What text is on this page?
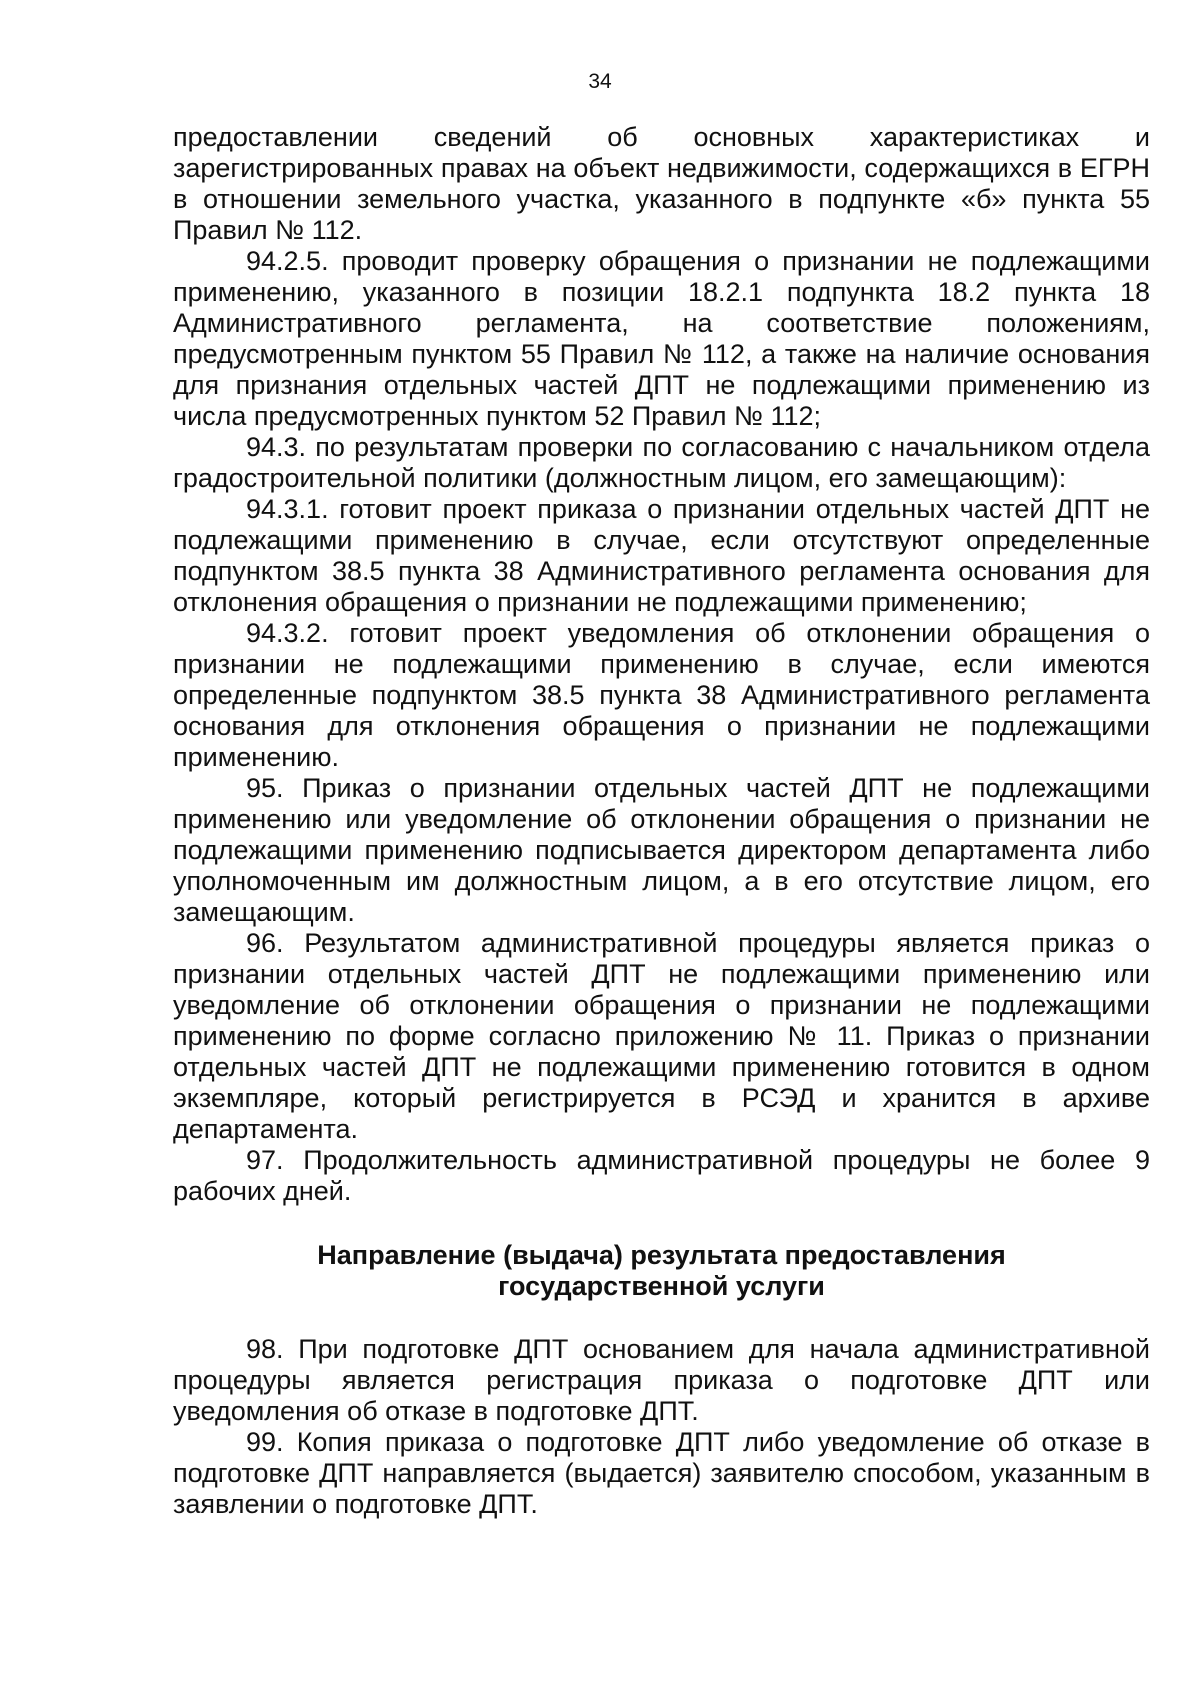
34

предоставлении сведений об основных характеристиках и зарегистрированных правах на объект недвижимости, содержащихся в ЕГРН в отношении земельного участка, указанного в подпункте «б» пункта 55 Правил № 112.

94.2.5. проводит проверку обращения о признании не подлежащими применению, указанного в позиции 18.2.1 подпункта 18.2 пункта 18 Административного регламента, на соответствие положениям, предусмотренным пунктом 55 Правил № 112, а также на наличие основания для признания отдельных частей ДПТ не подлежащими применению из числа предусмотренных пунктом 52 Правил № 112;

94.3. по результатам проверки по согласованию с начальником отдела градостроительной политики (должностным лицом, его замещающим):

94.3.1. готовит проект приказа о признании отдельных частей ДПТ не подлежащими применению в случае, если отсутствуют определенные подпунктом 38.5 пункта 38 Административного регламента основания для отклонения обращения о признании не подлежащими применению;

94.3.2. готовит проект уведомления об отклонении обращения о признании не подлежащими применению в случае, если имеются определенные подпунктом 38.5 пункта 38 Административного регламента основания для отклонения обращения о признании не подлежащими применению.

95. Приказ о признании отдельных частей ДПТ не подлежащими применению или уведомление об отклонении обращения о признании не подлежащими применению подписывается директором департамента либо уполномоченным им должностным лицом, а в его отсутствие лицом, его замещающим.

96. Результатом административной процедуры является приказ о признании отдельных частей ДПТ не подлежащими применению или уведомление об отклонении обращения о признании не подлежащими применению по форме согласно приложению № 11. Приказ о признании отдельных частей ДПТ не подлежащими применению готовится в одном экземпляре, который регистрируется в РСЭД и хранится в архиве департамента.

97. Продолжительность административной процедуры не более 9 рабочих дней.

Направление (выдача) результата предоставления
государственной услуги

98. При подготовке ДПТ основанием для начала административной процедуры является регистрация приказа о подготовке ДПТ или уведомления об отказе в подготовке ДПТ.

99. Копия приказа о подготовке ДПТ либо уведомление об отказе в подготовке ДПТ направляется (выдается) заявителю способом, указанным в заявлении о подготовке ДПТ.
